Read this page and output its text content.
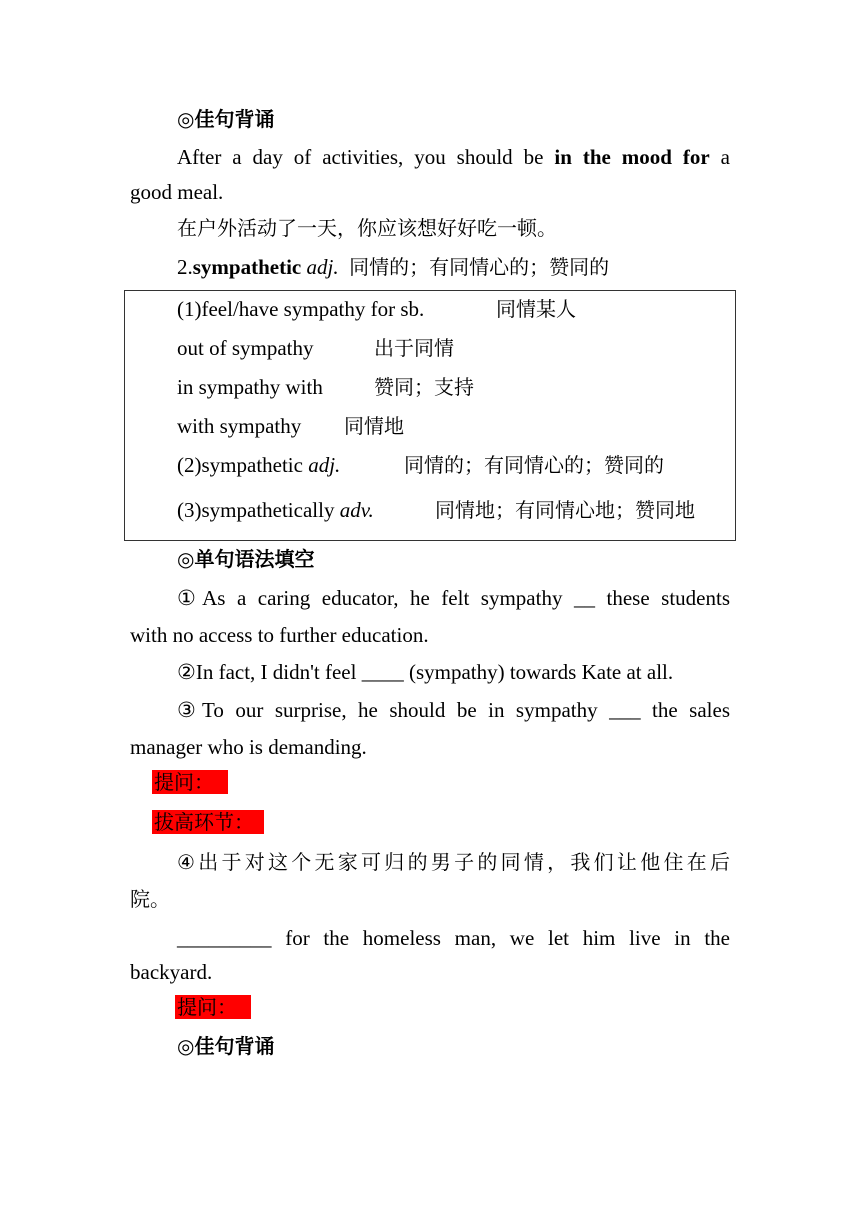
◎佳句背诵
After a day of activities, you should be in the mood for a
good meal.
在户外活动了一天，你应该想好好吃一顿。
2.sympathetic adj. 同情的；有同情心的；赞同的
(1)feel/have sympathy for sb.	同情某人
out of sympathy	出于同情
in sympathy with	赞同；支持
with sympathy 同情地
(2)sympathetic adj.	同情的；有同情心的；赞同的
(3)sympathetically adv.	同情地；有同情心地；赞同地
◎单句语法填空
①As a caring educator, he felt sympathy __ these students
with no access to further education.
②In fact, I didn't feel ____ (sympathy) towards Kate at all.
③To our surprise, he should be in sympathy ___ the sales
manager who is demanding.
提问：
拔高环节：
④出于对这个无家可归的男子的同情，我们让他住在后
院。
_________ for the homeless man, we let him live in the
backyard.
提问：
◎佳句背诵
